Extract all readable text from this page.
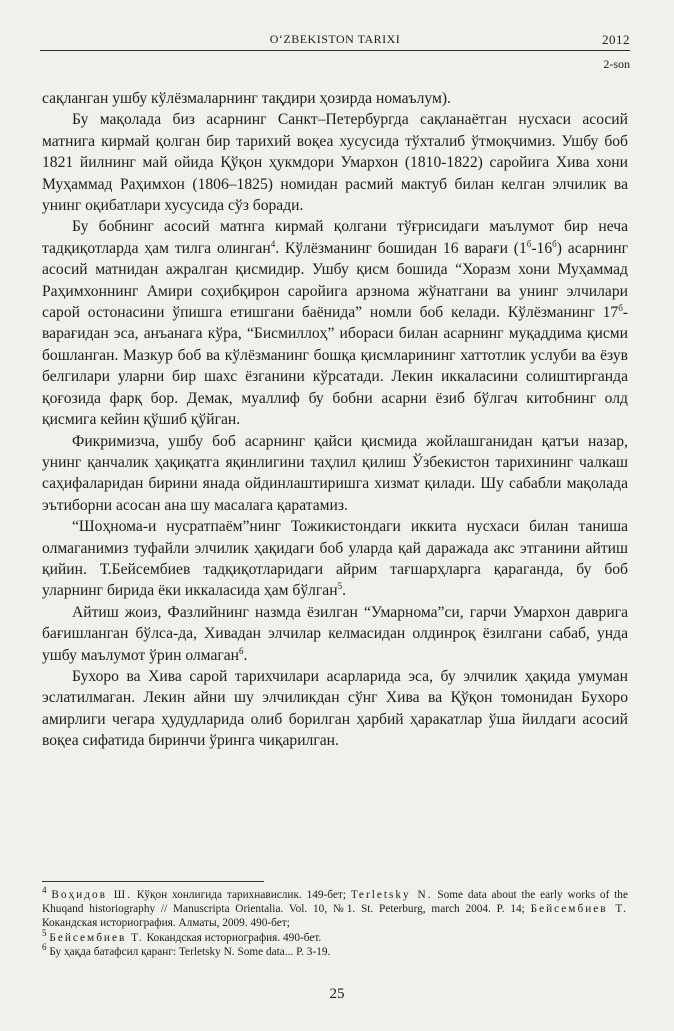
O‘ZBEKISTON TARIXI	2012
2-son

сақланган ушбу кўлёзмаларнинг тақдири ҳозирда номаълум).

Бу мақолада биз асарнинг Санкт–Петербургда сақланаётган нусхаси асосий матнига кирмай қолган бир тарихий воқеа хусусида тўхталиб ўтмоқчимиз. Ушбу боб 1821 йилнинг май ойида Қўқон ҳукмдори Умархон (1810-1822) саройига Хива хони Муҳаммад Раҳимхон (1806–1825) номидан расмий мактуб билан келган элчилик ва унинг оқибатлари хусусида сўз боради.

Бу бобнинг асосий матнга кирмай қолгани тўғрисидаги маълумот бир неча тадқиқотларда ҳам тилга олинган$^4$. Кўлёзманинг бошидан 16 варағи $(1^б-16^б)$ асарнинг асосий матнидан ажралган қисмидир. Ушбу қисм бошида “Хоразм хони Муҳаммад Раҳимхоннинг Амири соҳибқирон саройига арзнома жўнатгани ва унинг элчилари сарой остонасини ўпишга етишгани баёнида” номли боб келади. Кўлёзманинг $17^б$-варағидан эса, анъанага кўра, “Бисмиллоҳ” ибораси билан асарнинг муқаддима қисми бошланган. Мазкур боб ва кўлёзманинг бошқа қисмларининг хаттотлик услуби ва ёзув белгилари уларни бир шахс ёзганини кўрсатади. Лекин иккаласини солиштирганда қоғозида фарқ бор. Демак, муаллиф бу бобни асарни ёзиб бўлгач китобнинг олд қисмига кейин қўшиб қўйган.

Фикримизча, ушбу боб асарнинг қайси қисмида жойлашганидан қатъи назар, унинг қанчалик ҳақиқатга яқинлигини таҳлил қилиш Ўзбекистон тарихининг чалкаш саҳифаларидан бирини янада ойдинлаштиришга хизмат қилади. Шу сабабли мақолада эътиборни асосан ана шу масалага қаратамиз.

“Шоҳнома-и нусратпаём”нинг Тожикистондаги иккита нусхаси билан таниша олмаганимиз туфайли элчилик ҳақидаги боб уларда қай даражада акс этганини айтиш қийин. Т.Бейсембиев тадқиқотларидаги айрим тағшарҳларга қараганда, бу боб уларнинг бирида ёки иккаласида ҳам бўлган$^5$.

Айтиш жоиз, Фазлийнинг назмда ёзилган “Умарнома”си, гарчи Умархон даврига бағишланган бўлса-да, Хивадан элчилар келмасидан олдинроқ ёзилгани сабаб, унда ушбу маълумот ўрин олмаган$^6$.

Бухоро ва Хива сарой тарихчилари асарларида эса, бу элчилик ҳақида умуман эслатилмаган. Лекин айни шу элчиликдан сўнг Хива ва Қўқон томонидан Бухоро амирлиги чегара ҳудудларида олиб борилган ҳарбий ҳаракатлар ўша йилдаги асосий воқеа сифатида биринчи ўринга чиқарилган.

$^4$ Воҳидов Ш. Кўқон хонлигида тарихнавислик. 149-бет; Terletsky N. Some data about the early works of the Khuqand historiography // Manuscripta Orientalia. Vol. 10, №1. St. Peterburg, march 2004. P. 14; Бейсембиев Т. Кокандская историография. Алматы, 2009. 490-бет;

$^5$ Бейсембиев Т. Кокандская историография. 490-бет.

$^6$ Бу ҳақда батафсил қаранг: Terletsky N. Some data... P. 3-19.

25
